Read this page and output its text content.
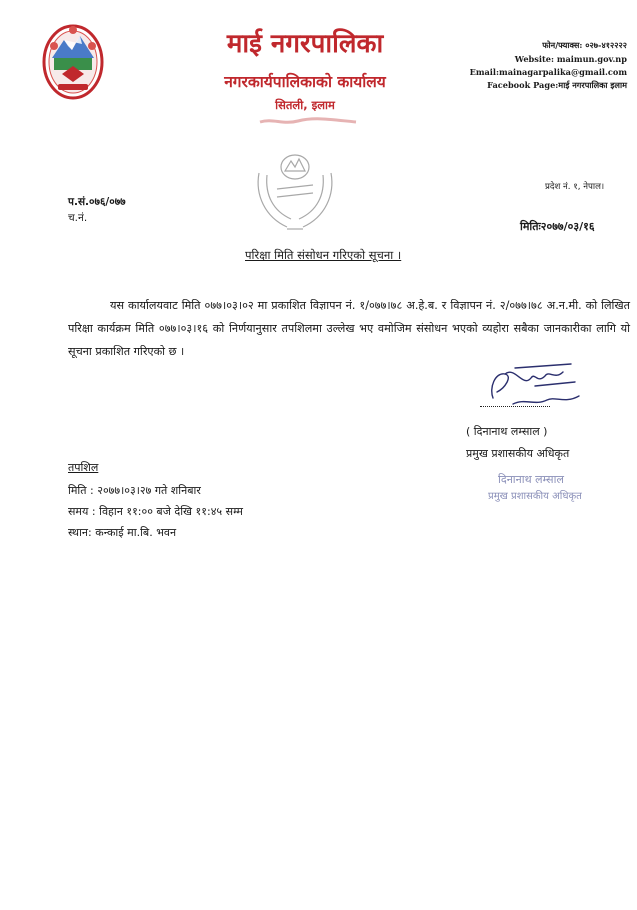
माई नगरपालिका
नगरकार्यपालिकाको कार्यालय
सितली, इलाम
फोन/फ्याक्स: ०२७-४१२२२२
Website: maimun.gov.np
Email:mainagarpalika@gmail.com
Facebook Page:माई नगरपालिका इलाम
प.सं.०७६/०७७
च.नं.
प्रदेश नं. १, नेपाल।
मितिः२०७७/०३/१६
परिक्षा मिति संसोधन गरिएको सूचना ।

यस कार्यालयवाट मिति ०७७।०३।०२ मा प्रकाशित विज्ञापन नं. १/०७७।७८ अ.हे.ब. र विज्ञापन नं. २/०७७।७८ अ.न.मी. को लिखित परिक्षा कार्यक्रम मिति ०७७।०३।१६ को निर्णयानुसार तपशिलमा उल्लेख भए वमोजिम संसोधन भएको व्यहोरा सबैका जानकारीका लागि यो सूचना प्रकाशित गरिएको छ ।

( दिनानाथ लम्साल )
प्रमुख प्रशासकीय अधिकृत
दिनानाथ लम्साल
प्रमुख प्रशासकीय अधिकृत
तपशिल
मिति : २०७७।०३।२७ गते शनिबार
समय : विहान ११:०० बजे देखि ११:४५ सम्म
स्थान: कन्काई मा.बि. भवन
